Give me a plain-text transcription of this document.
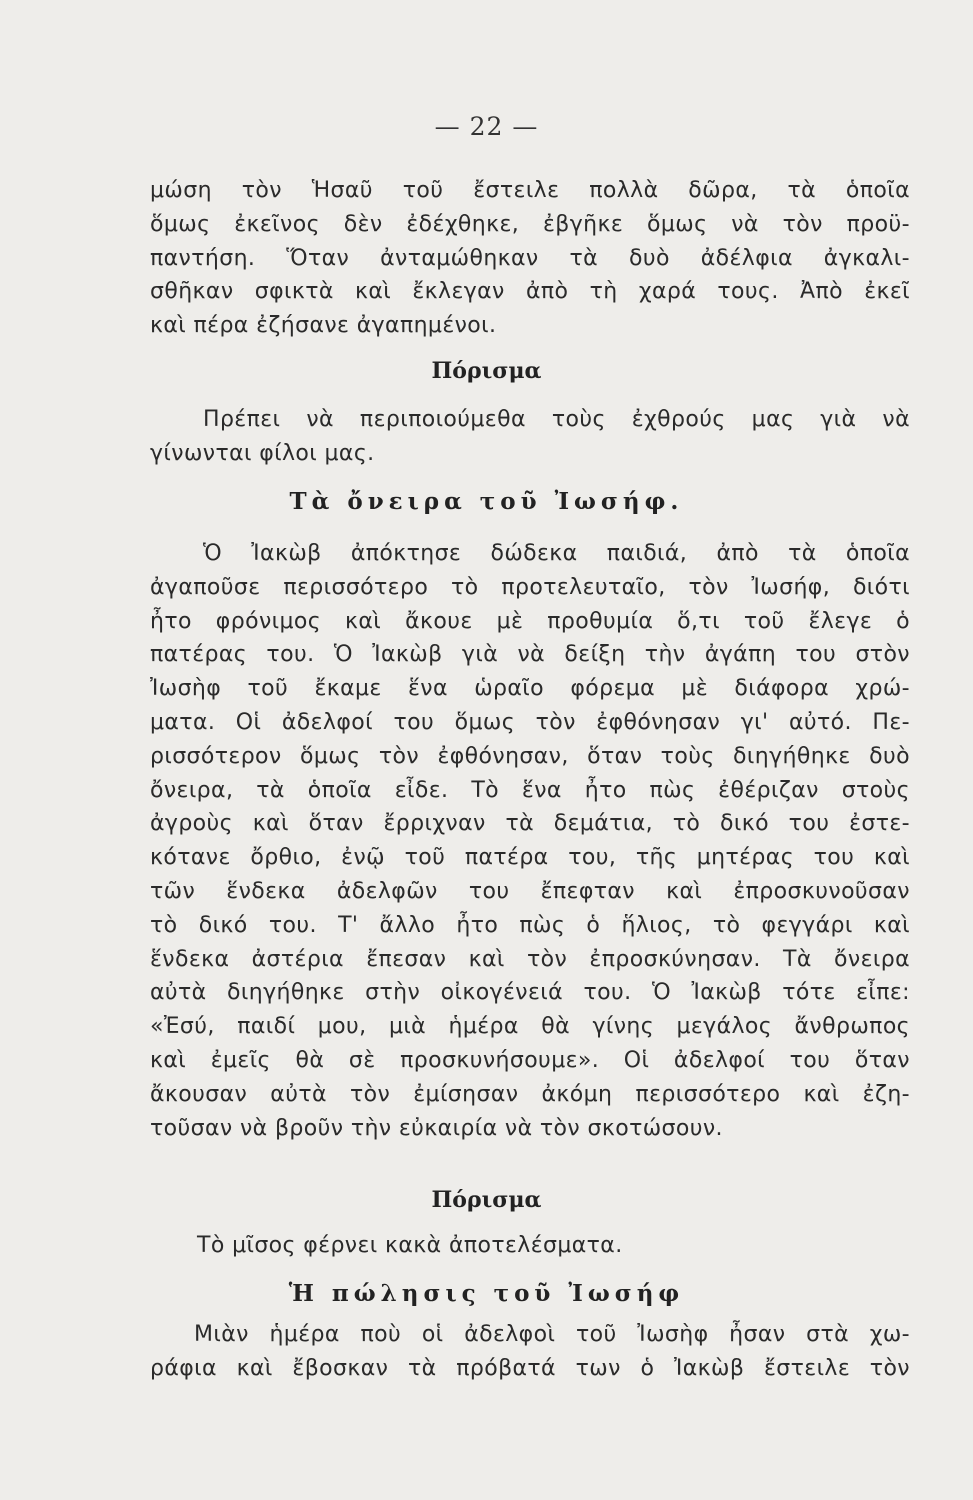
— 22 —
μώση τὸν Ἡσαῦ τοῦ ἔστειλε πολλὰ δῶρα, τὰ ὁποῖα
ὅμως ἐκεῖνος δὲν ἐδέχθηκε, ἐβγῆκε ὅμως νὰ τὸν προϋ-
παντήση. Ὅταν ἀνταμώθηκαν τὰ δυὸ ἀδέλφια ἀγκαλι-
σθῆκαν σφικτὰ καὶ ἔκλεγαν ἀπὸ τὴ χαρά τους. Ἀπὸ ἐκεῖ
καὶ πέρα ἐζήσανε ἀγαπημένοι.
Πόρισμα
Πρέπει νὰ περιποιούμεθα τοὺς ἐχθρούς μας γιὰ νὰ
γίνωνται φίλοι μας.
Τὰ ὄνειρα τοῦ Ἰωσήφ.
Ὁ Ἰακὼβ ἀπόκτησε δώδεκα παιδιά, ἀπὸ τὰ ὁποῖα
ἀγαποῦσε περισσότερο τὸ προτελευταῖο, τὸν Ἰωσήφ, διότι
ἦτο φρόνιμος καὶ ἄκουε μὲ προθυμία ὅ,τι τοῦ ἔλεγε ὁ
πατέρας του. Ὁ Ἰακὼβ γιὰ νὰ δείξη τὴν ἀγάπη του στὸν
Ἰωσὴφ τοῦ ἔκαμε ἕνα ὡραῖο φόρεμα μὲ διάφορα χρώ-
ματα. Οἱ ἀδελφοί του ὅμως τὸν ἐφθόνησαν γι' αὐτό. Πε-
ρισσότερον ὅμως τὸν ἐφθόνησαν, ὅταν τοὺς διηγήθηκε δυὸ
ὄνειρα, τὰ ὁποῖα εἶδε. Τὸ ἕνα ἦτο πὼς ἐθέριζαν στοὺς
ἀγροὺς καὶ ὅταν ἔρριχναν τὰ δεμάτια, τὸ δικό του ἐστε-
κότανε ὄρθιο, ἐνῷ τοῦ πατέρα του, τῆς μητέρας του καὶ
τῶν ἕνδεκα ἀδελφῶν του ἔπεφταν καὶ ἐπροσκυνοῦσαν
τὸ δικό του. Τ' ἄλλο ἦτο πὼς ὁ ἥλιος, τὸ φεγγάρι καὶ
ἕνδεκα ἀστέρια ἔπεσαν καὶ τὸν ἐπροσκύνησαν. Τὰ ὄνειρα
αὐτὰ διηγήθηκε στὴν οἰκογένειά του. Ὁ Ἰακὼβ τότε εἶπε:
«Ἐσύ, παιδί μου, μιὰ ἡμέρα θὰ γίνης μεγάλος ἄνθρωπος
καὶ ἐμεῖς θὰ σὲ προσκυνήσουμε». Οἱ ἀδελφοί του ὅταν
ἄκουσαν αὐτὰ τὸν ἐμίσησαν ἀκόμη περισσότερο καὶ ἐζη-
τοῦσαν νὰ βροῦν τὴν εὐκαιρία νὰ τὸν σκοτώσουν.
Πόρισμα
Τὸ μῖσος φέρνει κακὰ ἀποτελέσματα.
Ἡ πώλησις τοῦ Ἰωσήφ
Μιὰν ἡμέρα ποὺ οἱ ἀδελφοὶ τοῦ Ἰωσὴφ ἦσαν στὰ χω-
ράφια καὶ ἔβοσκαν τὰ πρόβατά των ὁ Ἰακὼβ ἔστειλε τὸν
